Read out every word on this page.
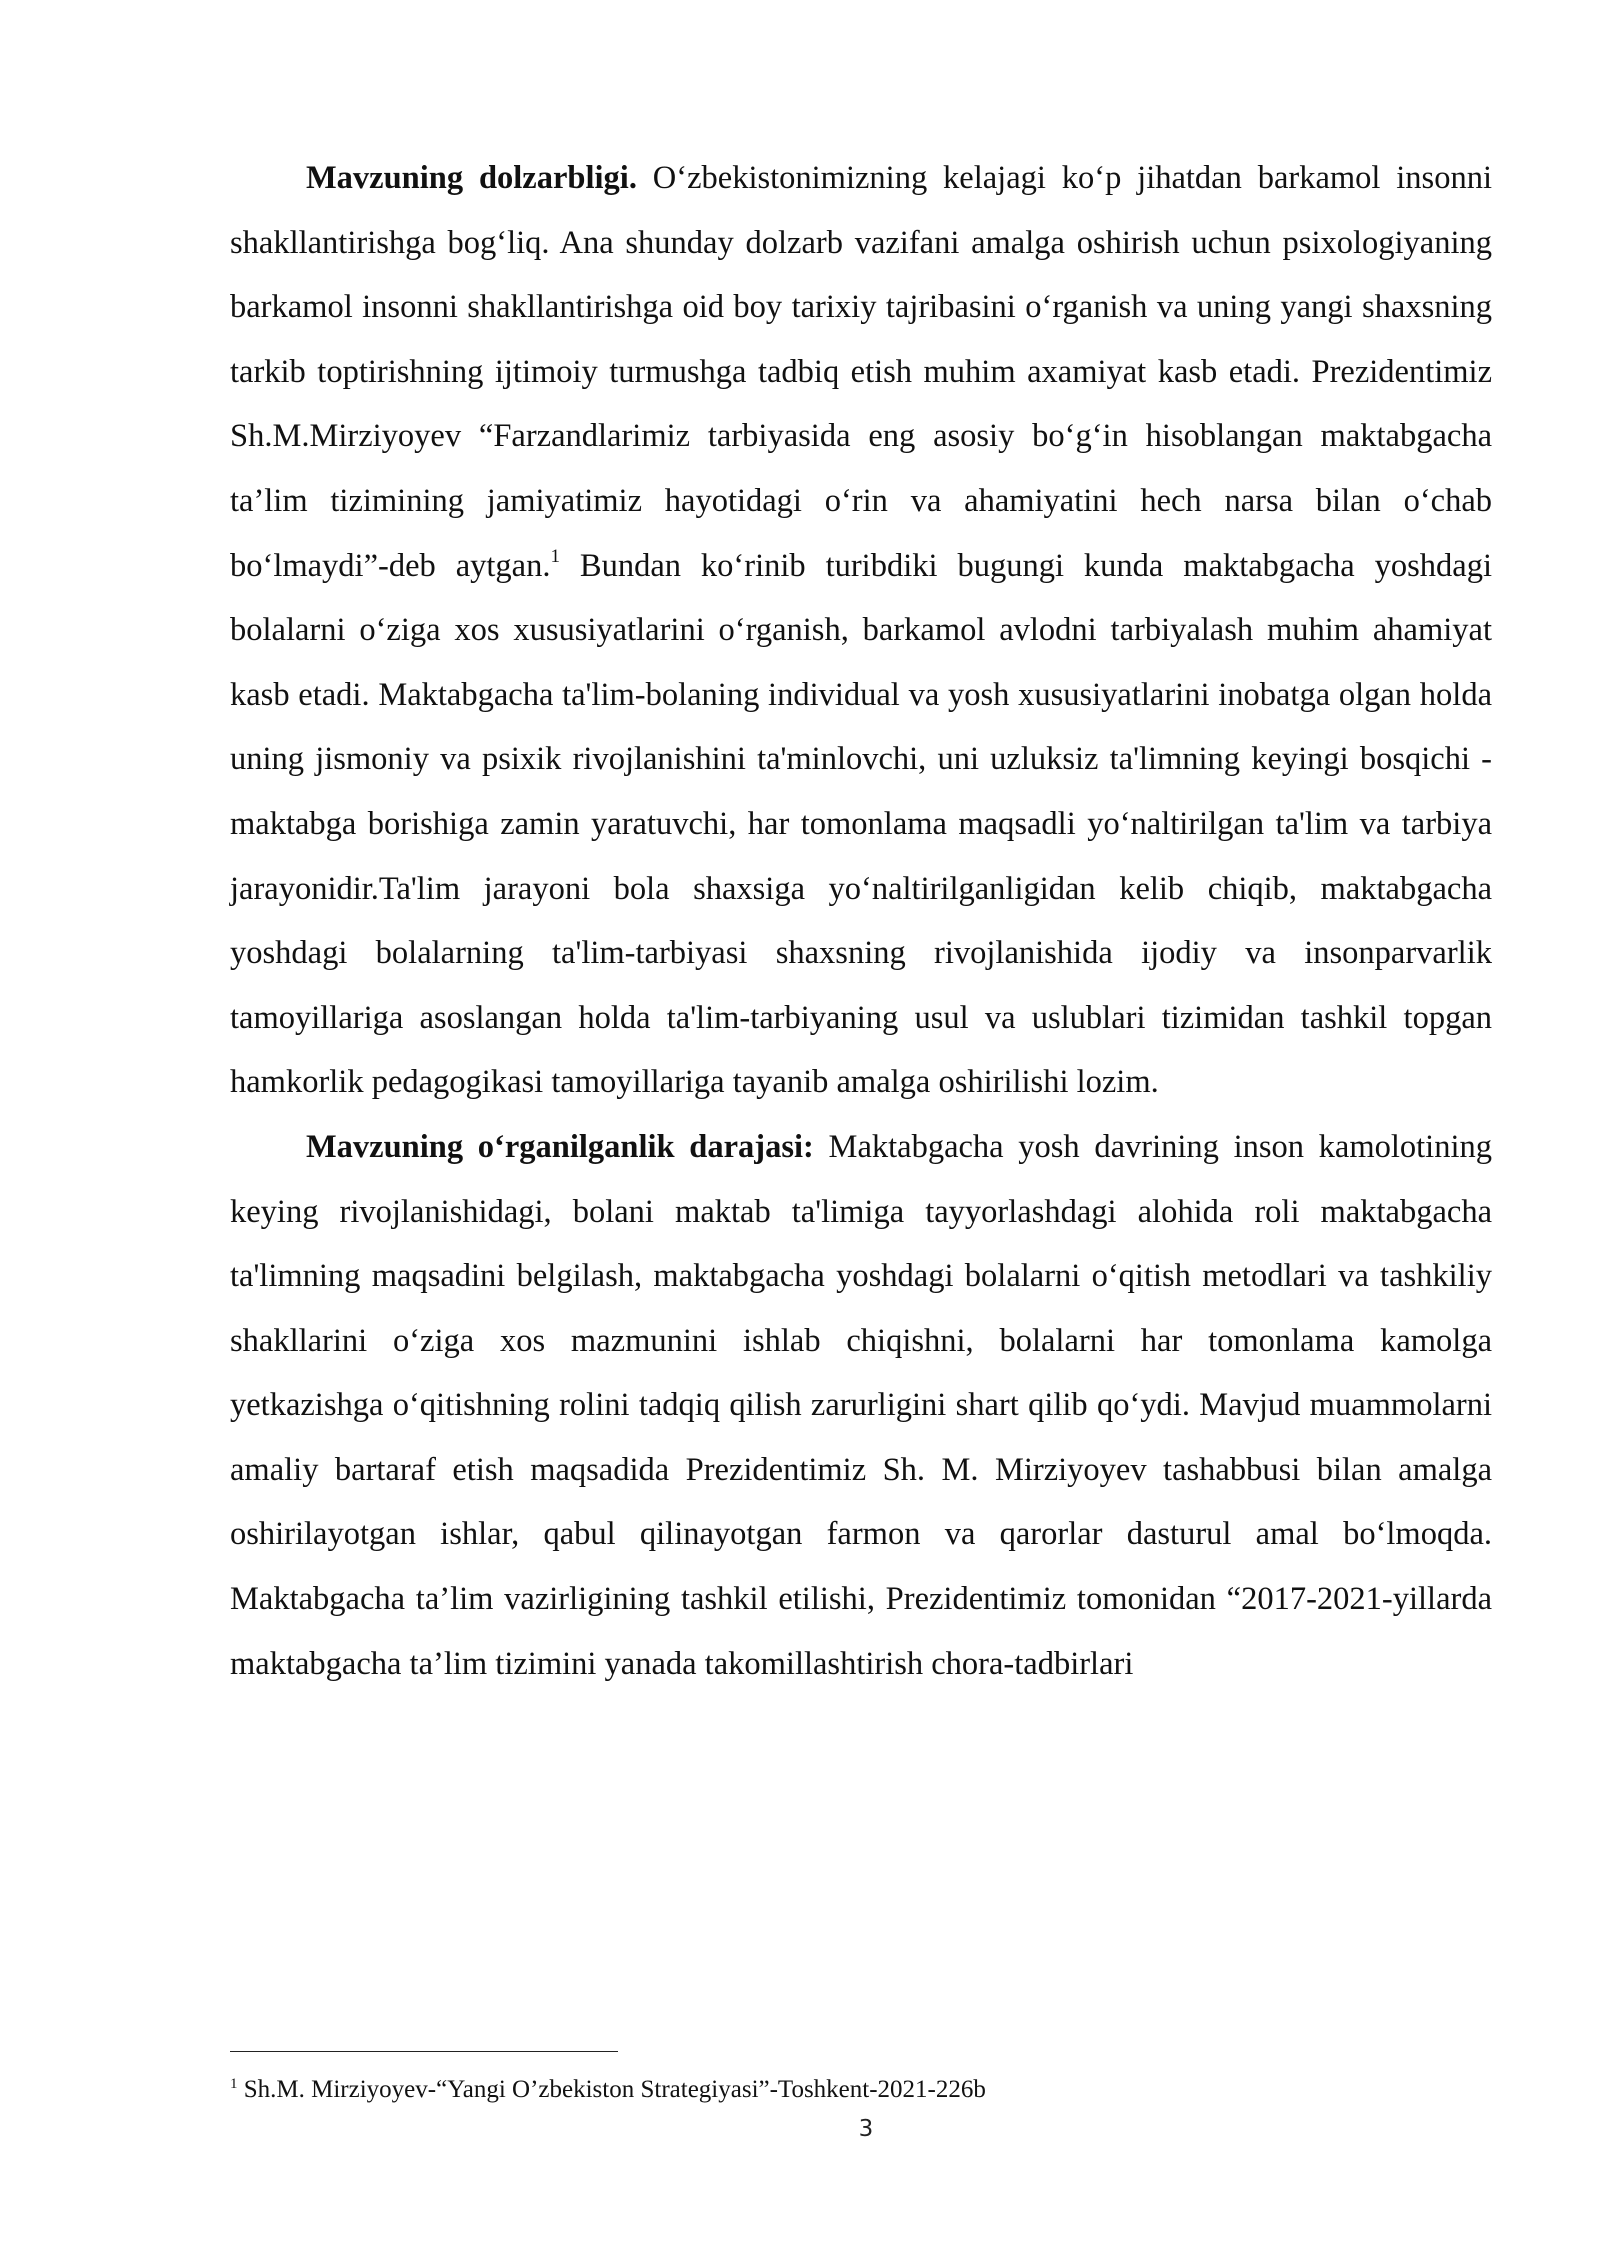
Mavzuning dolzarbligi. O‘zbekistonimizning kelajagi ko‘p jihatdan barkamol insonni shakllantirishga bog‘liq. Ana shunday dolzarb vazifani amalga oshirish uchun psixologiyaning barkamol insonni shakllantirishga oid boy tarixiy tajribasini o‘rganish va uning yangi shaxsning tarkib toptirishning ijtimoiy turmushga tadbiq etish muhim axamiyat kasb etadi. Prezidentimiz Sh.M.Mirziyoyev “Farzandlarimiz tarbiyasida eng asosiy bo‘g‘in hisoblangan maktabgacha ta’lim tizimining jamiyatimiz hayotidagi o‘rin va ahamiyatini hech narsa bilan o‘chab bo‘lmaydi”-deb aytgan.$^1$ Bundan ko‘rinib turibdiki bugungi kunda maktabgacha yoshdagi bolalarni o‘ziga xos xususiyatlarini o‘rganish, barkamol avlodni tarbiyalash muhim ahamiyat kasb etadi. Maktabgacha ta'lim-bolaning individual va yosh xususiyatlarini inobatga olgan holda uning jismoniy va psixik rivojlanishini ta'minlovchi, uni uzluksiz ta'limning keyingi bosqichi - maktabga borishiga zamin yaratuvchi, har tomonlama maqsadli yo‘naltirilgan ta'lim va tarbiya jarayonidir.Ta'lim jarayoni bola shaxsiga yo‘naltirilganligidan kelib chiqib, maktabgacha yoshdagi bolalarning ta'lim-tarbiyasi shaxsning rivojlanishida ijodiy va insonparvarlik tamoyillariga asoslangan holda ta'lim-tarbiyaning usul va uslublari tizimidan tashkil topgan hamkorlik pedagogikasi tamoyillariga tayanib amalga oshirilishi lozim.

Mavzuning o‘rganilganlik darajasi: Maktabgacha yosh davrining inson kamolotining keying rivojlanishidagi, bolani maktab ta'limiga tayyorlashdagi alohida roli maktabgacha ta'limning maqsadini belgilash, maktabgacha yoshdagi bolalarni o‘qitish metodlari va tashkiliy shakllarini o‘ziga xos mazmunini ishlab chiqishni, bolalarni har tomonlama kamolga yetkazishga o‘qitishning rolini tadqiq qilish zarurligini shart qilib qo‘ydi. Mavjud muammolarni amaliy bartaraf etish maqsadida Prezidentimiz Sh. M. Mirziyoyev tashabbusi bilan amalga oshirilayotgan ishlar, qabul qilinayotgan farmon va qarorlar dasturul amal bo‘lmoqda. Maktabgacha ta’lim vazirligining tashkil etilishi, Prezidentimiz tomonidan “2017-2021-yillarda maktabgacha ta’lim tizimini yanada takomillashtirish chora-tadbirlari

$^1$ Sh.M. Mirziyoyev-“Yangi O’zbekiston Strategiyasi”-Toshkent-2021-226b
3
